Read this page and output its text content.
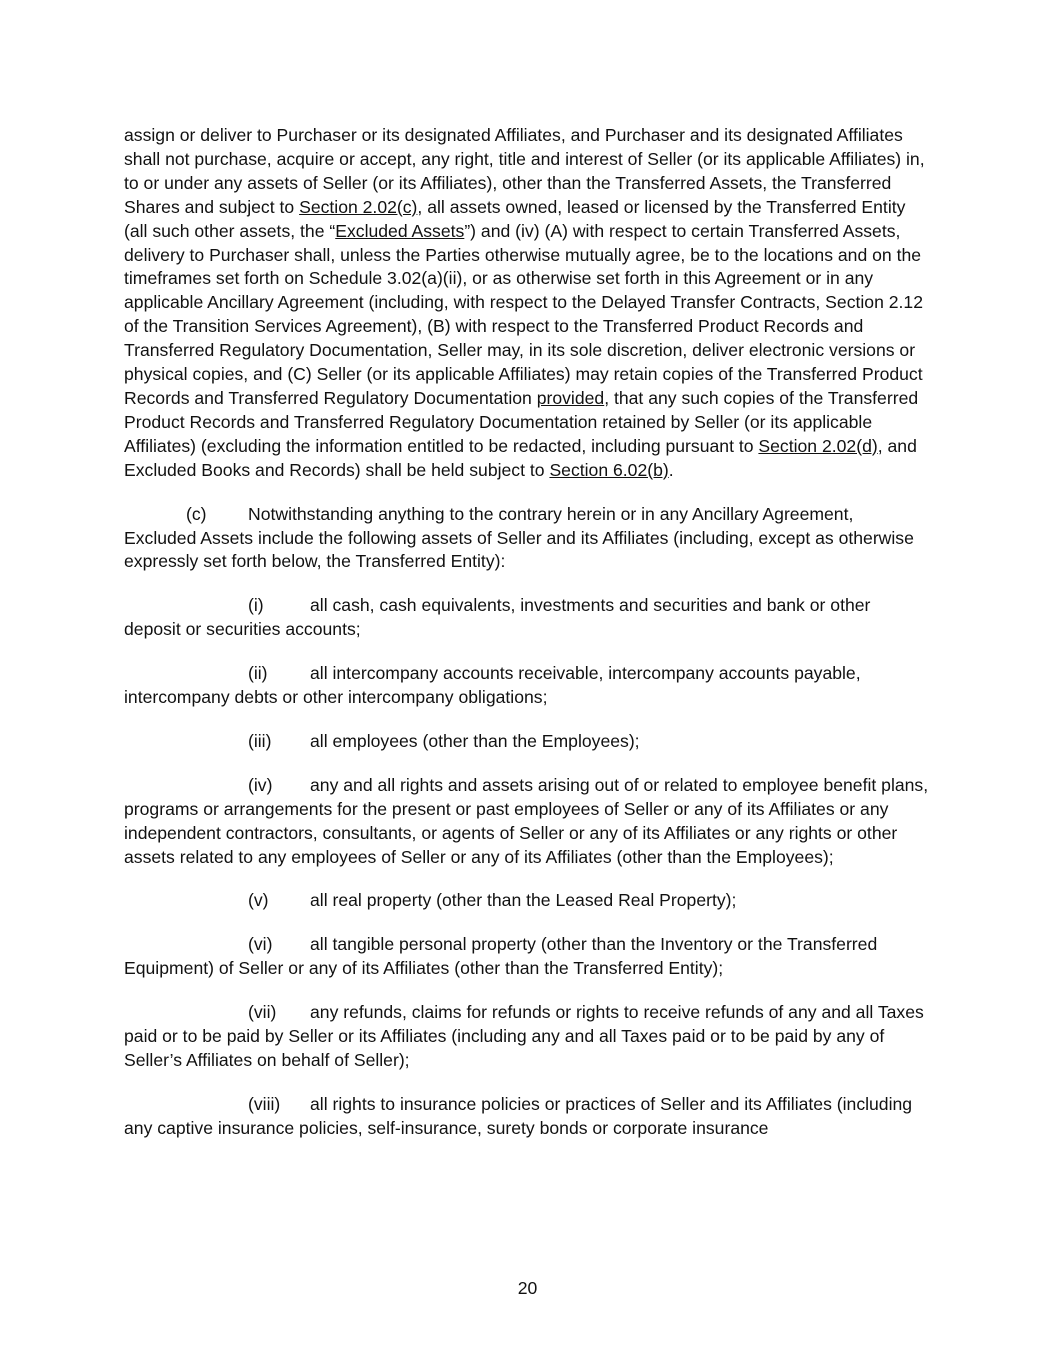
assign or deliver to Purchaser or its designated Affiliates, and Purchaser and its designated Affiliates shall not purchase, acquire or accept, any right, title and interest of Seller (or its applicable Affiliates) in, to or under any assets of Seller (or its Affiliates), other than the Transferred Assets, the Transferred Shares and subject to Section 2.02(c), all assets owned, leased or licensed by the Transferred Entity (all such other assets, the “Excluded Assets”) and (iv) (A) with respect to certain Transferred Assets, delivery to Purchaser shall, unless the Parties otherwise mutually agree, be to the locations and on the timeframes set forth on Schedule 3.02(a)(ii), or as otherwise set forth in this Agreement or in any applicable Ancillary Agreement (including, with respect to the Delayed Transfer Contracts, Section 2.12 of the Transition Services Agreement), (B) with respect to the Transferred Product Records and Transferred Regulatory Documentation, Seller may, in its sole discretion, deliver electronic versions or physical copies, and (C) Seller (or its applicable Affiliates) may retain copies of the Transferred Product Records and Transferred Regulatory Documentation provided, that any such copies of the Transferred Product Records and Transferred Regulatory Documentation retained by Seller (or its applicable Affiliates) (excluding the information entitled to be redacted, including pursuant to Section 2.02(d), and Excluded Books and Records) shall be held subject to Section 6.02(b).

(c) Notwithstanding anything to the contrary herein or in any Ancillary Agreement, Excluded Assets include the following assets of Seller and its Affiliates (including, except as otherwise expressly set forth below, the Transferred Entity):

(i)	all cash, cash equivalents, investments and securities and bank or other deposit or securities accounts;

(ii) all intercompany accounts receivable, intercompany accounts payable, intercompany debts or other intercompany obligations;

(iii) all employees (other than the Employees);

(iv) any and all rights and assets arising out of or related to employee benefit plans, programs or arrangements for the present or past employees of Seller or any of its Affiliates or any independent contractors, consultants, or agents of Seller or any of its Affiliates or any rights or other assets related to any employees of Seller or any of its Affiliates (other than the Employees);

(v) all real property (other than the Leased Real Property);

(vi) all tangible personal property (other than the Inventory or the Transferred Equipment) of Seller or any of its Affiliates (other than the Transferred Entity);

(vii) any refunds, claims for refunds or rights to receive refunds of any and all Taxes paid or to be paid by Seller or its Affiliates (including any and all Taxes paid or to be paid by any of Seller’s Affiliates on behalf of Seller);

(viii) all rights to insurance policies or practices of Seller and its Affiliates (including any captive insurance policies, self-insurance, surety bonds or corporate insurance

20
